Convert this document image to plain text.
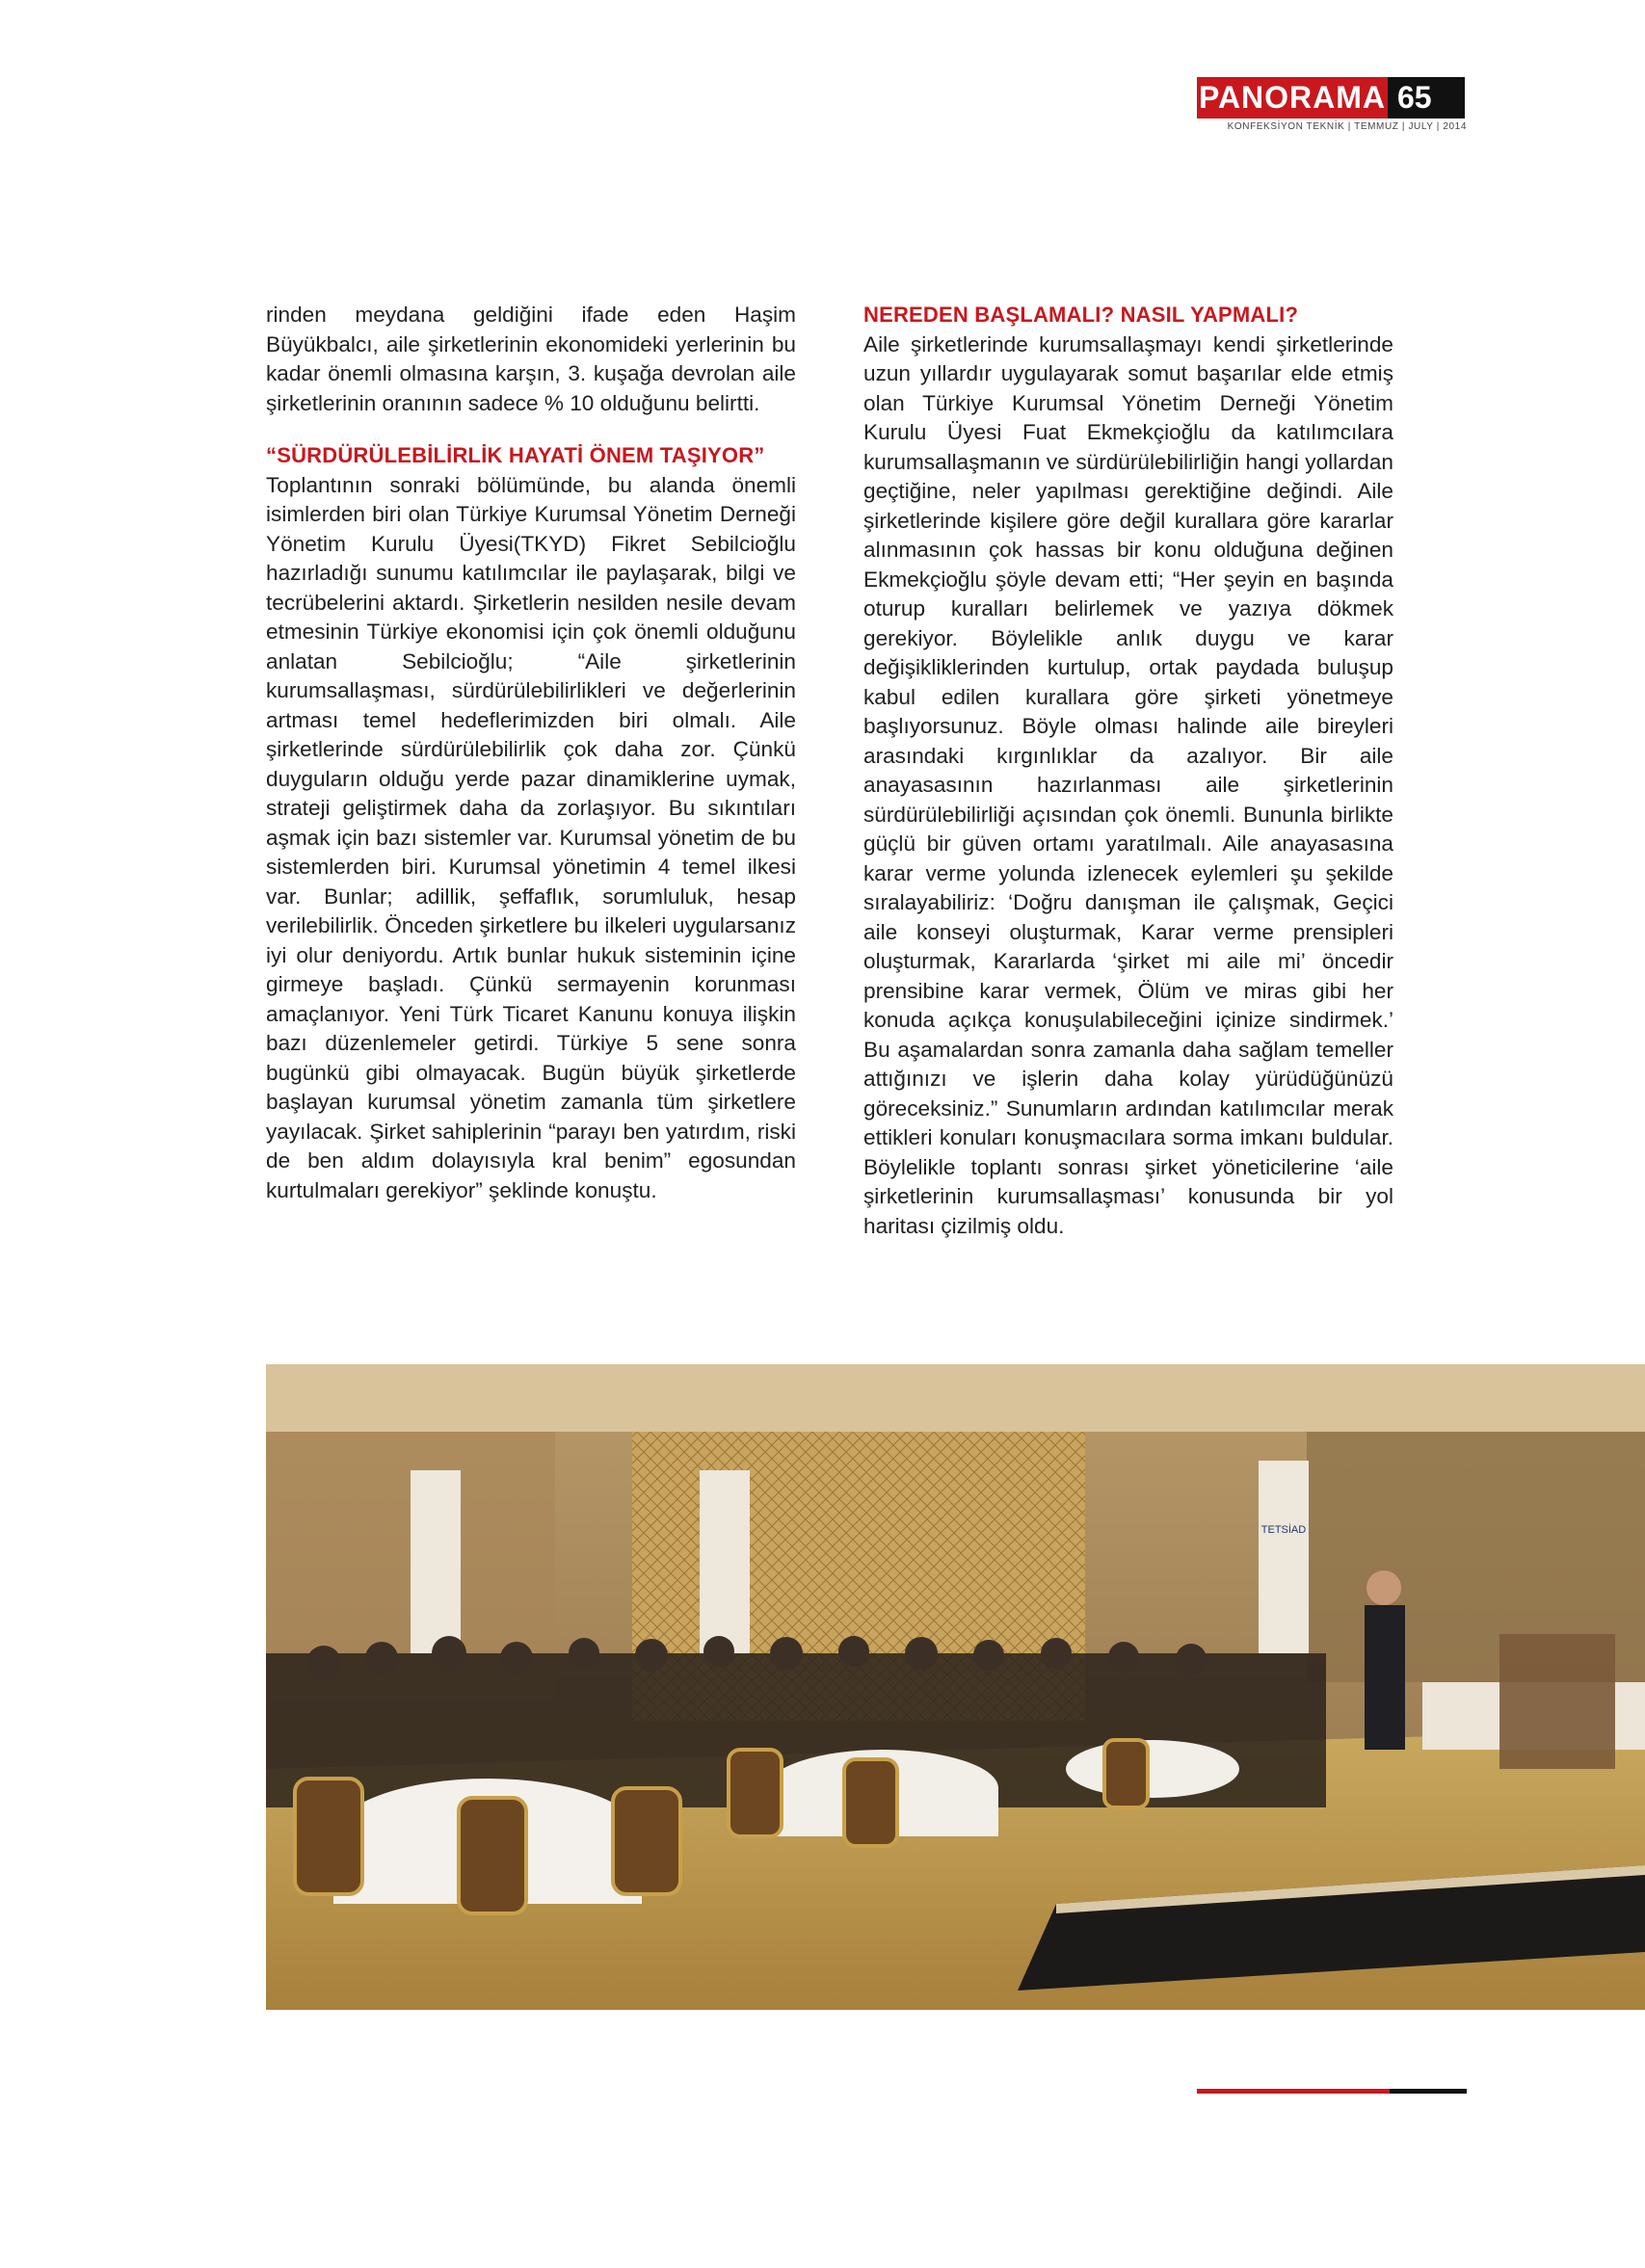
PANORAMA 65
KONFEKSİYON TEKNİK | TEMMUZ | JULY | 2014

rinden meydana geldiğini ifade eden Haşim Büyükbalcı, aile şirketlerinin ekonomideki yerlerinin bu kadar önemli olmasına karşın, 3. kuşağa devrolan aile şirketlerinin oranının sadece % 10 olduğunu belirtti.

“SÜRDÜRÜLEBİLİRLİK HAYATİ ÖNEM TAŞIYOR”

Toplantının sonraki bölümünde, bu alanda önemli isimlerden biri olan Türkiye Kurumsal Yönetim Derneği Yönetim Kurulu Üyesi(TKYD) Fikret Sebilcioğlu hazırladığı sunumu katılımcılar ile paylaşarak, bilgi ve tecrübelerini aktardı. Şirketlerin nesilden nesile devam etmesinin Türkiye ekonomisi için çok önemli olduğunu anlatan Sebilcioğlu; “Aile şirketlerinin kurumsallaşması, sürdürülebilirlikleri ve değerlerinin artması temel hedeflerimizden biri olmalı. Aile şirketlerinde sürdürülebilirlik çok daha zor. Çünkü duyguların olduğu yerde pazar dinamiklerine uymak, strateji geliştirmek daha da zorlaşıyor. Bu sıkıntıları aşmak için bazı sistemler var. Kurumsal yönetim de bu sistemlerden biri. Kurumsal yönetimin 4 temel ilkesi var. Bunlar; adillik, şeffaflık, sorumluluk, hesap verilebilirlik. Önceden şirketlere bu ilkeleri uygularsanız iyi olur deniyordu. Artık bunlar hukuk sisteminin içine girmeye başladı. Çünkü sermayenin korunması amaçlanıyor. Yeni Türk Ticaret Kanunu konuya ilişkin bazı düzenlemeler getirdi. Türkiye 5 sene sonra bugünkü gibi olmayacak. Bugün büyük şirketlerde başlayan kurumsal yönetim zamanla tüm şirketlere yayılacak. Şirket sahiplerinin “parayı ben yatırdım, riski de ben aldım dolayısıyla kral benim” egosundan kurtulmaları gerekiyor” şeklinde konuştu.

NEREDEN BAŞLAMALI? NASIL YAPMALI?

Aile şirketlerinde kurumsallaşmayı kendi şirketlerinde uzun yıllardır uygulayarak somut başarılar elde etmiş olan Türkiye Kurumsal Yönetim Derneği Yönetim Kurulu Üyesi Fuat Ekmekçioğlu da katılımcılara kurumsallaşmanın ve sürdürülebilirliğin hangi yollardan geçtiğine, neler yapılması gerektiğine değindi. Aile şirketlerinde kişilere göre değil kurallara göre kararlar alınmasının çok hassas bir konu olduğuna değinen Ekmekçioğlu şöyle devam etti; “Her şeyin en başında oturup kuralları belirlemek ve yazıya dökmek gerekiyor. Böylelikle anlık duygu ve karar değişikliklerinden kurtulup, ortak paydada buluşup kabul edilen kurallara göre şirketi yönetmeye başlıyorsunuz. Böyle olması halinde aile bireyleri arasındaki kırgınlıklar da azalıyor. Bir aile anayasasının hazırlanması aile şirketlerinin sürdürülebilirliği açısından çok önemli. Bununla birlikte güçlü bir güven ortamı yaratılmalı. Aile anayasasına karar verme yolunda izlenecek eylemleri şu şekilde sıralayabiliriz: ‘Doğru danışman ile çalışmak, Geçici aile konseyi oluşturmak, Karar verme prensipleri oluşturmak, Kararlarda ‘şirket mi aile mi’ öncedir prensibine karar vermek, Ölüm ve miras gibi her konuda açıkça konuşulabileceğini içinize sindirmek.’ Bu aşamalardan sonra zamanla daha sağlam temeller attığınızı ve işlerin daha kolay yürüdüğünüzü göreceksiniz.” Sunumların ardından katılımcılar merak ettikleri konuları konuşmacılara sorma imkanı buldular. Böylelikle toplantı sonrası şirket yöneticilerine ‘aile şirketlerinin kurumsallaşması’ konusunda bir yol haritası çizilmiş oldu.

TETSİAD
